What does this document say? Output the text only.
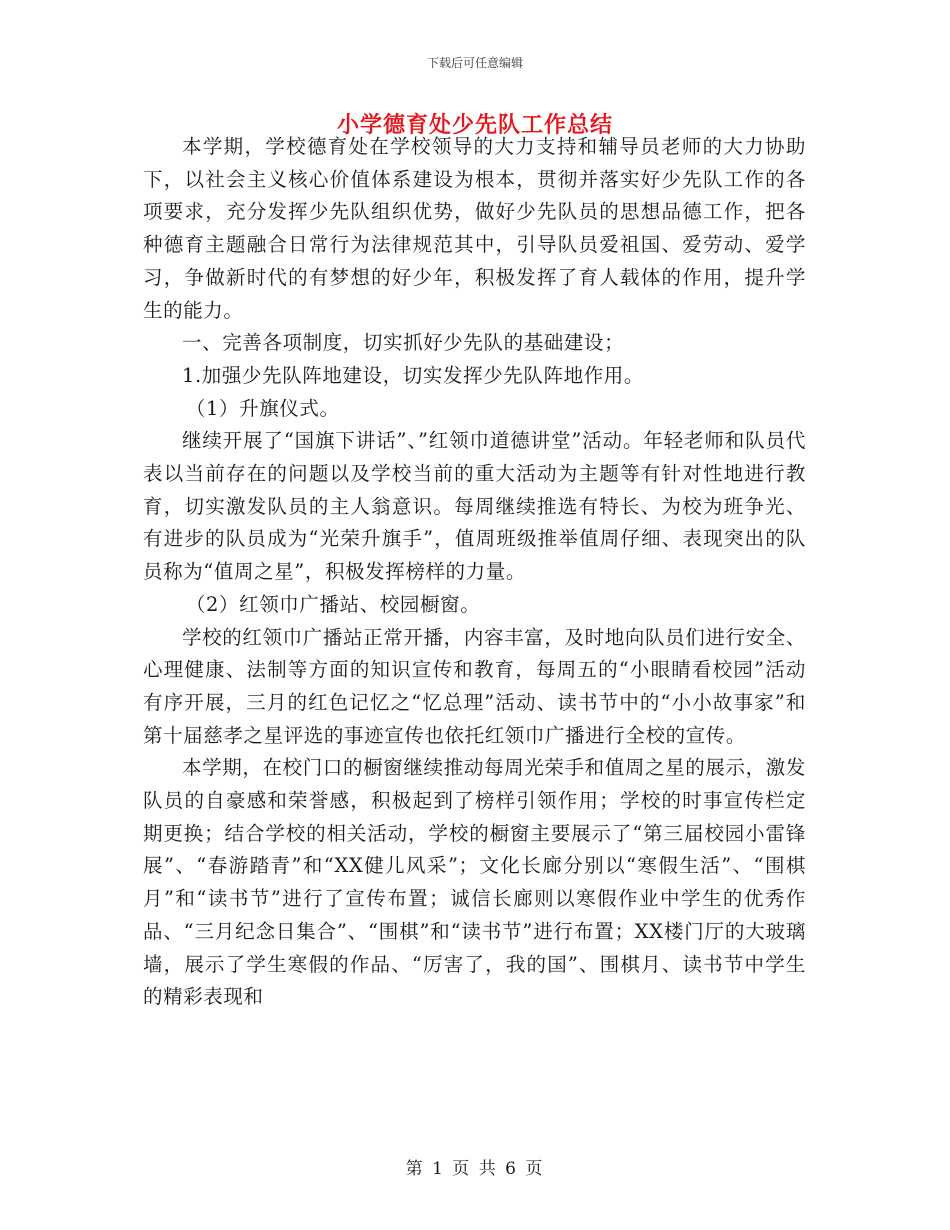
下载后可任意编辑
小学德育处少先队工作总结

本学期，学校德育处在学校领导的大力支持和辅导员老师的大力协助下，以社会主义核心价值体系建设为根本，贯彻并落实好少先队工作的各项要求，充分发挥少先队组织优势，做好少先队员的思想品德工作，把各种德育主题融合日常行为法律规范其中，引导队员爱祖国、爱劳动、爱学习，争做新时代的有梦想的好少年，积极发挥了育人载体的作用，提升学生的能力。

一、完善各项制度，切实抓好少先队的基础建设；

1.加强少先队阵地建设，切实发挥少先队阵地作用。

（1）升旗仪式。

继续开展了“国旗下讲话”、”红领巾道德讲堂”活动。年轻老师和队员代表以当前存在的问题以及学校当前的重大活动为主题等有针对性地进行教育，切实激发队员的主人翁意识。每周继续推选有特长、为校为班争光、有进步的队员成为“光荣升旗手”，值周班级推举值周仔细、表现突出的队员称为“值周之星”，积极发挥榜样的力量。

（2）红领巾广播站、校园橱窗。

学校的红领巾广播站正常开播，内容丰富，及时地向队员们进行安全、心理健康、法制等方面的知识宣传和教育，每周五的“小眼睛看校园”活动有序开展，三月的红色记忆之“忆总理”活动、读书节中的“小小故事家”和第十届慈孝之星评选的事迹宣传也依托红领巾广播进行全校的宣传。

本学期，在校门口的橱窗继续推动每周光荣手和值周之星的展示，激发队员的自豪感和荣誉感，积极起到了榜样引领作用；学校的时事宣传栏定期更换；结合学校的相关活动，学校的橱窗主要展示了“第三届校园小雷锋展”、“春游踏青”和“XX健儿风采”；文化长廊分别以“寒假生活”、“围棋月”和“读书节”进行了宣传布置；诚信长廊则以寒假作业中学生的优秀作品、“三月纪念日集合”、“围棋”和“读书节”进行布置；XX楼门厅的大玻璃墙，展示了学生寒假的作品、“厉害了，我的国”、围棋月、读书节中学生的精彩表现和

第 1 页 共 6 页
